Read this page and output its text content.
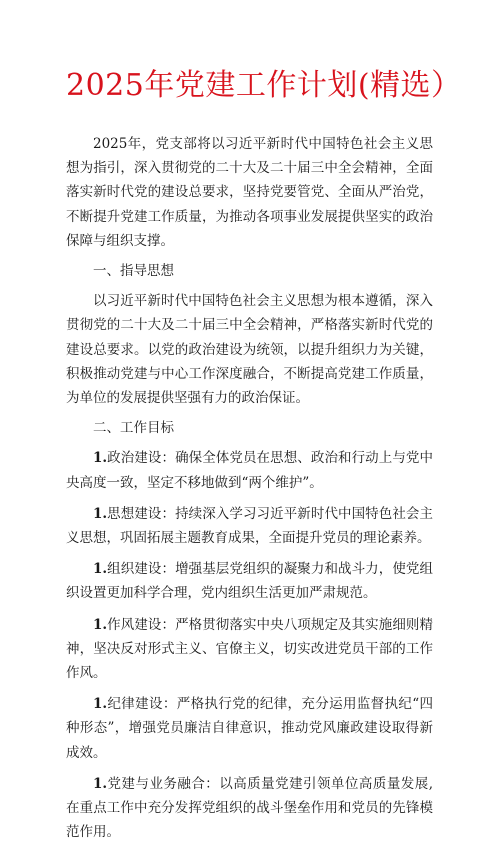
2025年党建工作计划(精选）

2025年，党支部将以习近平新时代中国特色社会主义思想为指引，深入贯彻党的二十大及二十届三中全会精神，全面落实新时代党的建设总要求，坚持党要管党、全面从严治党，不断提升党建工作质量，为推动各项事业发展提供坚实的政治保障与组织支撑。

一、指导思想

以习近平新时代中国特色社会主义思想为根本遵循，深入贯彻党的二十大及二十届三中全会精神，严格落实新时代党的建设总要求。以党的政治建设为统领，以提升组织力为关键，积极推动党建与中心工作深度融合，不断提高党建工作质量，为单位的发展提供坚强有力的政治保证。

二、工作目标

1.政治建设：确保全体党员在思想、政治和行动上与党中央高度一致，坚定不移地做到“两个维护”。

1.思想建设：持续深入学习习近平新时代中国特色社会主义思想，巩固拓展主题教育成果，全面提升党员的理论素养。

1.组织建设：增强基层党组织的凝聚力和战斗力，使党组织设置更加科学合理，党内组织生活更加严肃规范。

1.作风建设：严格贯彻落实中央八项规定及其实施细则精神，坚决反对形式主义、官僚主义，切实改进党员干部的工作作风。

1.纪律建设：严格执行党的纪律，充分运用监督执纪“四种形态”，增强党员廉洁自律意识，推动党风廉政建设取得新成效。

1.党建与业务融合：以高质量党建引领单位高质量发展,在重点工作中充分发挥党组织的战斗堡垒作用和党员的先锋模范作用。
